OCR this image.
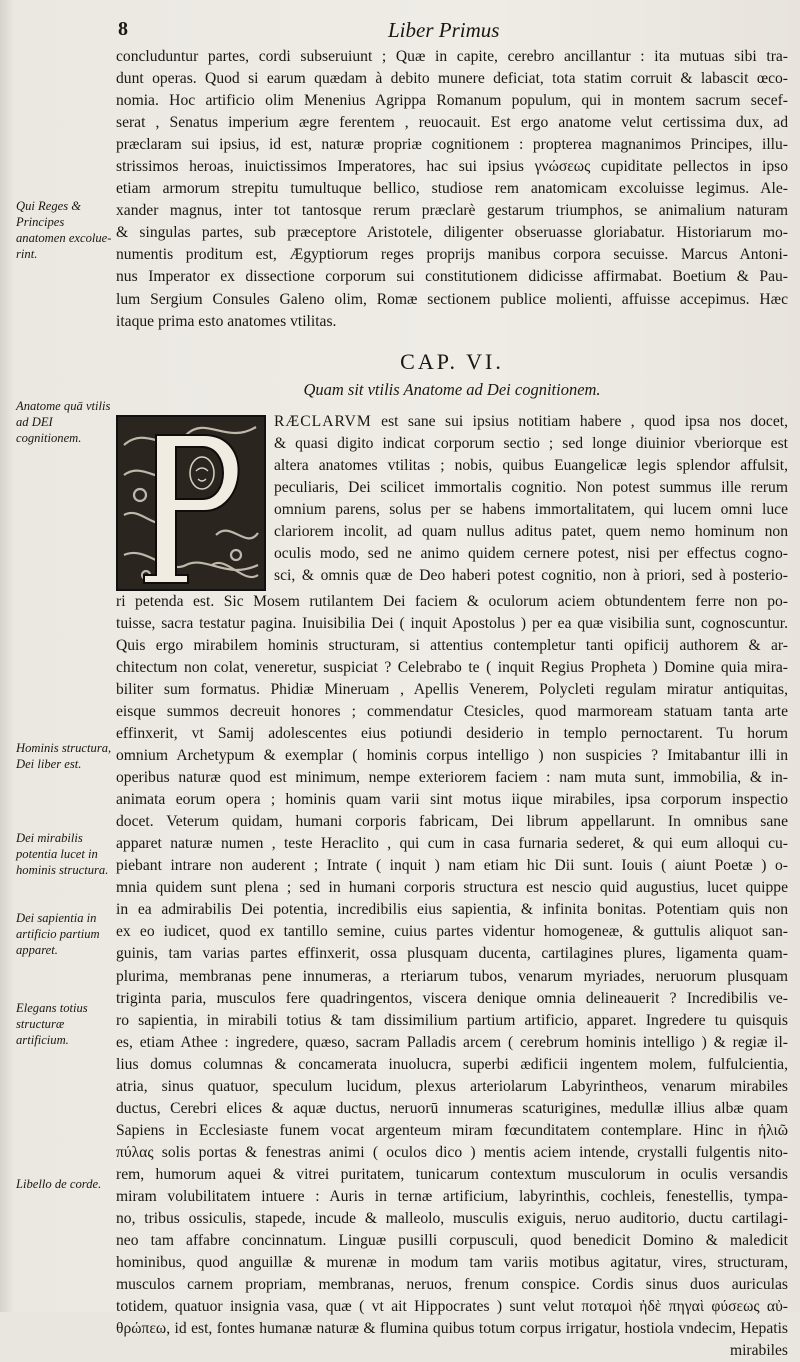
8	Liber Primus
Qui Reges & Principes anatomen excolue- rint.
Anatome quā vtilis ad DEI cognitionem.
Hominis structura, Dei liber est.
Dei mirabilis potentia lucet in hominis structura.
Dei sapientia in artificio partium apparet.
Elegans totius structuræ artificium.
Libello de corde.

concluduntur partes, cordi subseruiunt ; Quæ in capite, cerebro ancillantur : ita mutuas sibi tra-
dunt operas. Quod si earum quædam à debito munere deficiat, tota statim corruit & labascit œco-
nomia. Hoc artificio olim Menenius Agrippa Romanum populum, qui in montem sacrum secef-
serat , Senatus imperium ægre ferentem , reuocauit. Est ergo anatome velut certissima dux, ad
præclaram sui ipsius, id est, naturæ propriæ cognitionem : propterea magnanimos Principes, illu-
strissimos heroas, inuictissimos Imperatores, hac sui ipsius γνώσεως cupiditate pellectos in ipso
etiam armorum strepitu tumultuque bellico, studiose rem anatomicam excoluisse legimus. Ale-
xander magnus, inter tot tantosque rerum præclarè gestarum triumphos, se animalium naturam
& singulas partes, sub præceptore Aristotele, diligenter obseruasse gloriabatur. Historiarum mo-
numentis proditum est, Ægyptiorum reges proprijs manibus corpora secuisse. Marcus Antoni-
nus Imperator ex dissectione corporum sui constitutionem didicisse affirmabat. Boetium & Pau-
lum Sergium Consules Galeno olim, Romæ sectionem publice molienti, affuisse accepimus. Hæc
itaque prima esto anatomes vtilitas.

CAP. VI.
Quam sit vtilis Anatome ad Dei cognitionem.
RÆCLARVM est sane sui ipsius notitiam habere , quod ipsa nos docet,
& quasi digito indicat corporum sectio ; sed longe diuinior vberiorque est
altera anatomes vtilitas ; nobis, quibus Euangelicæ legis splendor affulsit,
peculiaris, Dei scilicet immortalis cognitio. Non potest summus ille rerum
omnium parens, solus per se habens immortalitatem, qui lucem omni luce
clariorem incolit, ad quam nullus aditus patet, quem nemo hominum non
oculis modo, sed ne animo quidem cernere potest, nisi per effectus cogno-
sci, & omnis quæ de Deo haberi potest cognitio, non à priori, sed à posterio-

ri petenda est. Sic Mosem rutilantem Dei faciem & oculorum aciem obtundentem ferre non po-
tuisse, sacra testatur pagina. Inuisibilia Dei ( inquit Apostolus ) per ea quæ visibilia sunt, cognoscuntur.
Quis ergo mirabilem hominis structuram, si attentius contempletur tanti opificij authorem & ar-
chitectum non colat, veneretur, suspiciat ? Celebrabo te ( inquit Regius Propheta ) Domine quia mira-
biliter sum formatus. Phidiæ Mineruam , Apellis Venerem, Polycleti regulam miratur antiquitas,
eisque summos decreuit honores ; commendatur Ctesicles, quod marmoream statuam tanta arte
effinxerit, vt Samij adolescentes eius potiundi desiderio in templo pernoctarent. Tu horum
omnium Archetypum & exemplar ( hominis corpus intelligo ) non suspicies ? Imitabantur illi in
operibus naturæ quod est minimum, nempe exteriorem faciem : nam muta sunt, immobilia, & in-
animata eorum opera ; hominis quam varii sint motus iique mirabiles, ipsa corporum inspectio
docet. Veterum quidam, humani corporis fabricam, Dei librum appellarunt. In omnibus sane
apparet naturæ numen , teste Heraclito , qui cum in casa furnaria sederet, & qui eum alloqui cu-
piebant intrare non auderent ; Intrate ( inquit ) nam etiam hic Dii sunt. Iouis ( aiunt Poetæ ) o-
mnia quidem sunt plena ; sed in humani corporis structura est nescio quid augustius, lucet quippe
in ea admirabilis Dei potentia, incredibilis eius sapientia, & infinita bonitas. Potentiam quis non
ex eo iudicet, quod ex tantillo semine, cuius partes videntur homogeneæ, & guttulis aliquot san-
guinis, tam varias partes effinxerit, ossa plusquam ducenta, cartilagines plures, ligamenta quam-
plurima, membranas pene innumeras, a rteriarum tubos, venarum myriades, neruorum plusquam
triginta paria, musculos fere quadringentos, viscera denique omnia delineauerit ? Incredibilis ve-
ro sapientia, in mirabili totius & tam dissimilium partium artificio, apparet. Ingredere tu quisquis
es, etiam Athee : ingredere, quæso, sacram Palladis arcem ( cerebrum hominis intelligo ) & regiæ il-
lius domus columnas & concamerata inuolucra, superbi ædificii ingentem molem, fulfulcientia,
atria, sinus quatuor, speculum lucidum, plexus arteriolarum Labyrintheos, venarum mirabiles
ductus, Cerebri elices & aquæ ductus, neruorū innumeras scaturigines, medullæ illius albæ quam
Sapiens in Ecclesiaste funem vocat argenteum miram fœcunditatem contemplare. Hinc in ἡλιῶ
πύλας solis portas & fenestras animi ( oculos dico ) mentis aciem intende, crystalli fulgentis nito-
rem, humorum aquei & vitrei puritatem, tunicarum contextum musculorum in oculis versandis
miram volubilitatem intuere : Auris in ternæ artificium, labyrinthis, cochleis, fenestellis, tympa-
no, tribus ossiculis, stapede, incude & malleolo, musculis exiguis, neruo auditorio, ductu cartilagi-
neo tam affabre concinnatum. Linguæ pusilli corpusculi, quod benedicit Domino & maledicit
hominibus, quod anguillæ & murenæ in modum tam variis motibus agitatur, vires, structuram,
musculos carnem propriam, membranas, neruos, frenum conspice. Cordis sinus duos auriculas
totidem, quatuor insignia vasa, quæ ( vt ait Hippocrates ) sunt velut ποταμοὶ ἠδὲ πηγαὶ φύσεως αὐ-
θρώπεω, id est, fontes humanæ naturæ & flumina quibus totum corpus irrigatur, hostiola vndecim, Hepatis

mirabiles
